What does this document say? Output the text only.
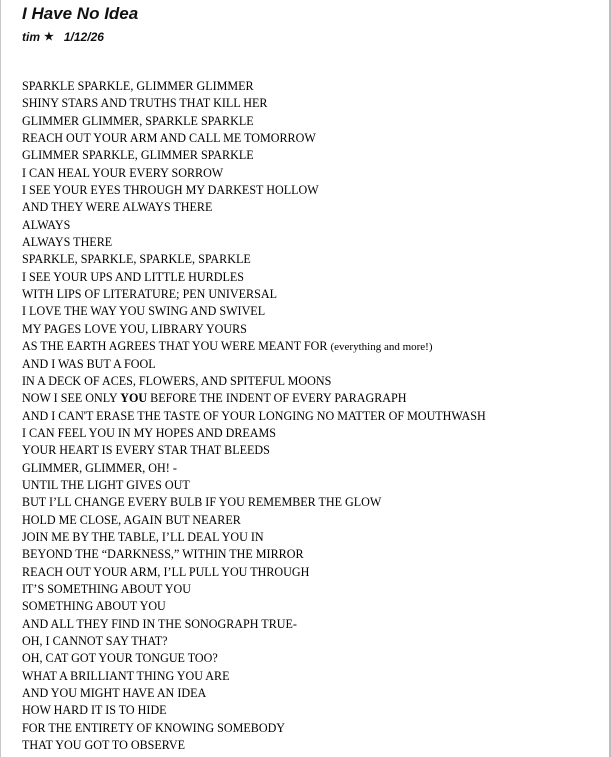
I Have No Idea
tim ★ 1/12/26
SPARKLE SPARKLE, GLIMMER GLIMMER
SHINY STARS AND TRUTHS THAT KILL HER
GLIMMER GLIMMER, SPARKLE SPARKLE
REACH OUT YOUR ARM AND CALL ME TOMORROW
GLIMMER SPARKLE, GLIMMER SPARKLE
I CAN HEAL YOUR EVERY SORROW
I SEE YOUR EYES THROUGH MY DARKEST HOLLOW
AND THEY WERE ALWAYS THERE
ALWAYS
ALWAYS THERE
SPARKLE, SPARKLE, SPARKLE, SPARKLE
I SEE YOUR UPS AND LITTLE HURDLES
WITH LIPS OF LITERATURE; PEN UNIVERSAL
I LOVE THE WAY YOU SWING AND SWIVEL
MY PAGES LOVE YOU, LIBRARY YOURS
AS THE EARTH AGREES THAT YOU WERE MEANT FOR (everything and more!)
AND I WAS BUT A FOOL
IN A DECK OF ACES, FLOWERS, AND SPITEFUL MOONS
NOW I SEE ONLY YOU BEFORE THE INDENT OF EVERY PARAGRAPH
AND I CAN'T ERASE THE TASTE OF YOUR LONGING NO MATTER OF MOUTHWASH
I CAN FEEL YOU IN MY HOPES AND DREAMS
YOUR HEART IS EVERY STAR THAT BLEEDS
GLIMMER, GLIMMER, OH! -
UNTIL THE LIGHT GIVES OUT
BUT I’LL CHANGE EVERY BULB IF YOU REMEMBER THE GLOW
HOLD ME CLOSE, AGAIN BUT NEARER
JOIN ME BY THE TABLE, I’LL DEAL YOU IN
BEYOND THE “DARKNESS,” WITHIN THE MIRROR
REACH OUT YOUR ARM, I’LL PULL YOU THROUGH
IT’S SOMETHING ABOUT YOU
SOMETHING ABOUT YOU
AND ALL THEY FIND IN THE SONOGRAPH TRUE-
OH, I CANNOT SAY THAT?
OH, CAT GOT YOUR TONGUE TOO?
WHAT A BRILLIANT THING YOU ARE
AND YOU MIGHT HAVE AN IDEA
HOW HARD IT IS TO HIDE
FOR THE ENTIRETY OF KNOWING SOMEBODY
THAT YOU GOT TO OBSERVE
